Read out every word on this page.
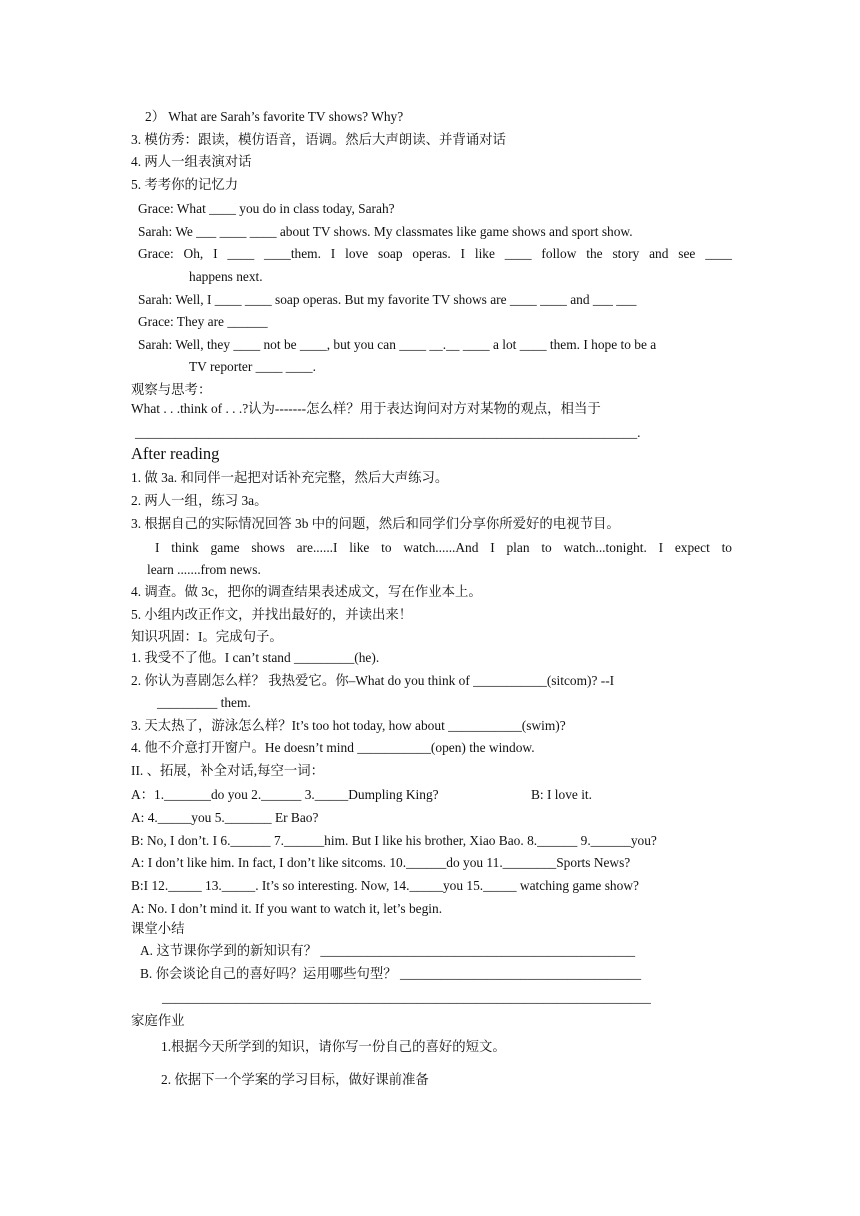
2） What are Sarah’s favorite TV shows? Why?
3. 模仿秀：跟读，模仿语音，语调。然后大声朗读、并背诵对话
4. 两人一组表演对话
5. 考考你的记忆力
Grace: What ____ you do in class today, Sarah?
Sarah: We ___ ____ ____ about TV shows. My classmates like game shows and sport show.
Grace: Oh, I ____ ____them. I love soap operas. I like ____ follow the story and see ____
happens next.
Sarah: Well, I ____ ____ soap operas. But my favorite TV shows are ____ ____ and ___ ___
Grace: They are ______
Sarah: Well, they ____ not be ____, but you can ____ __.__ ____ a lot ____ them. I hope to be a
TV reporter ____ ____.
观察与思考：
What . . .think of . . .?认为-------怎么样？用于表达询问对方对某物的观点，相当于
___________________________________________________________________________.
After reading
1. 做 3a. 和同伴一起把对话补充完整，然后大声练习。
2. 两人一组，练习 3a。
3. 根据自己的实际情况回答 3b 中的问题，然后和同学们分享你所爱好的电视节目。
I think game shows are......I like to watch......And I plan to watch...tonight. I expect to
learn .......from news.
4. 调查。做 3c，把你的调查结果表述成文，写在作业本上。
5. 小组内改正作文，并找出最好的，并读出来！
知识巩固：I。完成句子。
1. 我受不了他。I can’t stand _________(he).
2. 你认为喜剧怎么样？ 我热爱它。你–What do you think of ___________(sitcom)? --I
_________ them.
3. 天太热了，游泳怎么样？It’s too hot today, how about ___________(swim)?
4. 他不介意打开窗户。He doesn’t mind ___________(open) the window.
II. 、拓展，补全对话,每空一词：
A：1._______do you 2.______ 3._____Dumpling King?	B: I love it.
A: 4._____you 5._______ Er Bao?
B: No, I don’t. I 6.______ 7.______him. But I like his brother, Xiao Bao. 8.______ 9.______you?
A: I don’t like him. In fact, I don’t like sitcoms. 10.______do you 11.________Sports News?
B:I 12._____ 13._____. It’s so interesting. Now, 14._____you 15._____ watching game show?
A: No. I don’t mind it. If you want to watch it, let’s begin.
课堂小结
A. 这节课你学到的新知识有？ _______________________________________________
B. 你会谈论自己的喜好吗？运用哪些句型？ ____________________________________
_________________________________________________________________________
家庭作业
1.根据今天所学到的知识，请你写一份自己的喜好的短文。
2. 依据下一个学案的学习目标，做好课前准备
